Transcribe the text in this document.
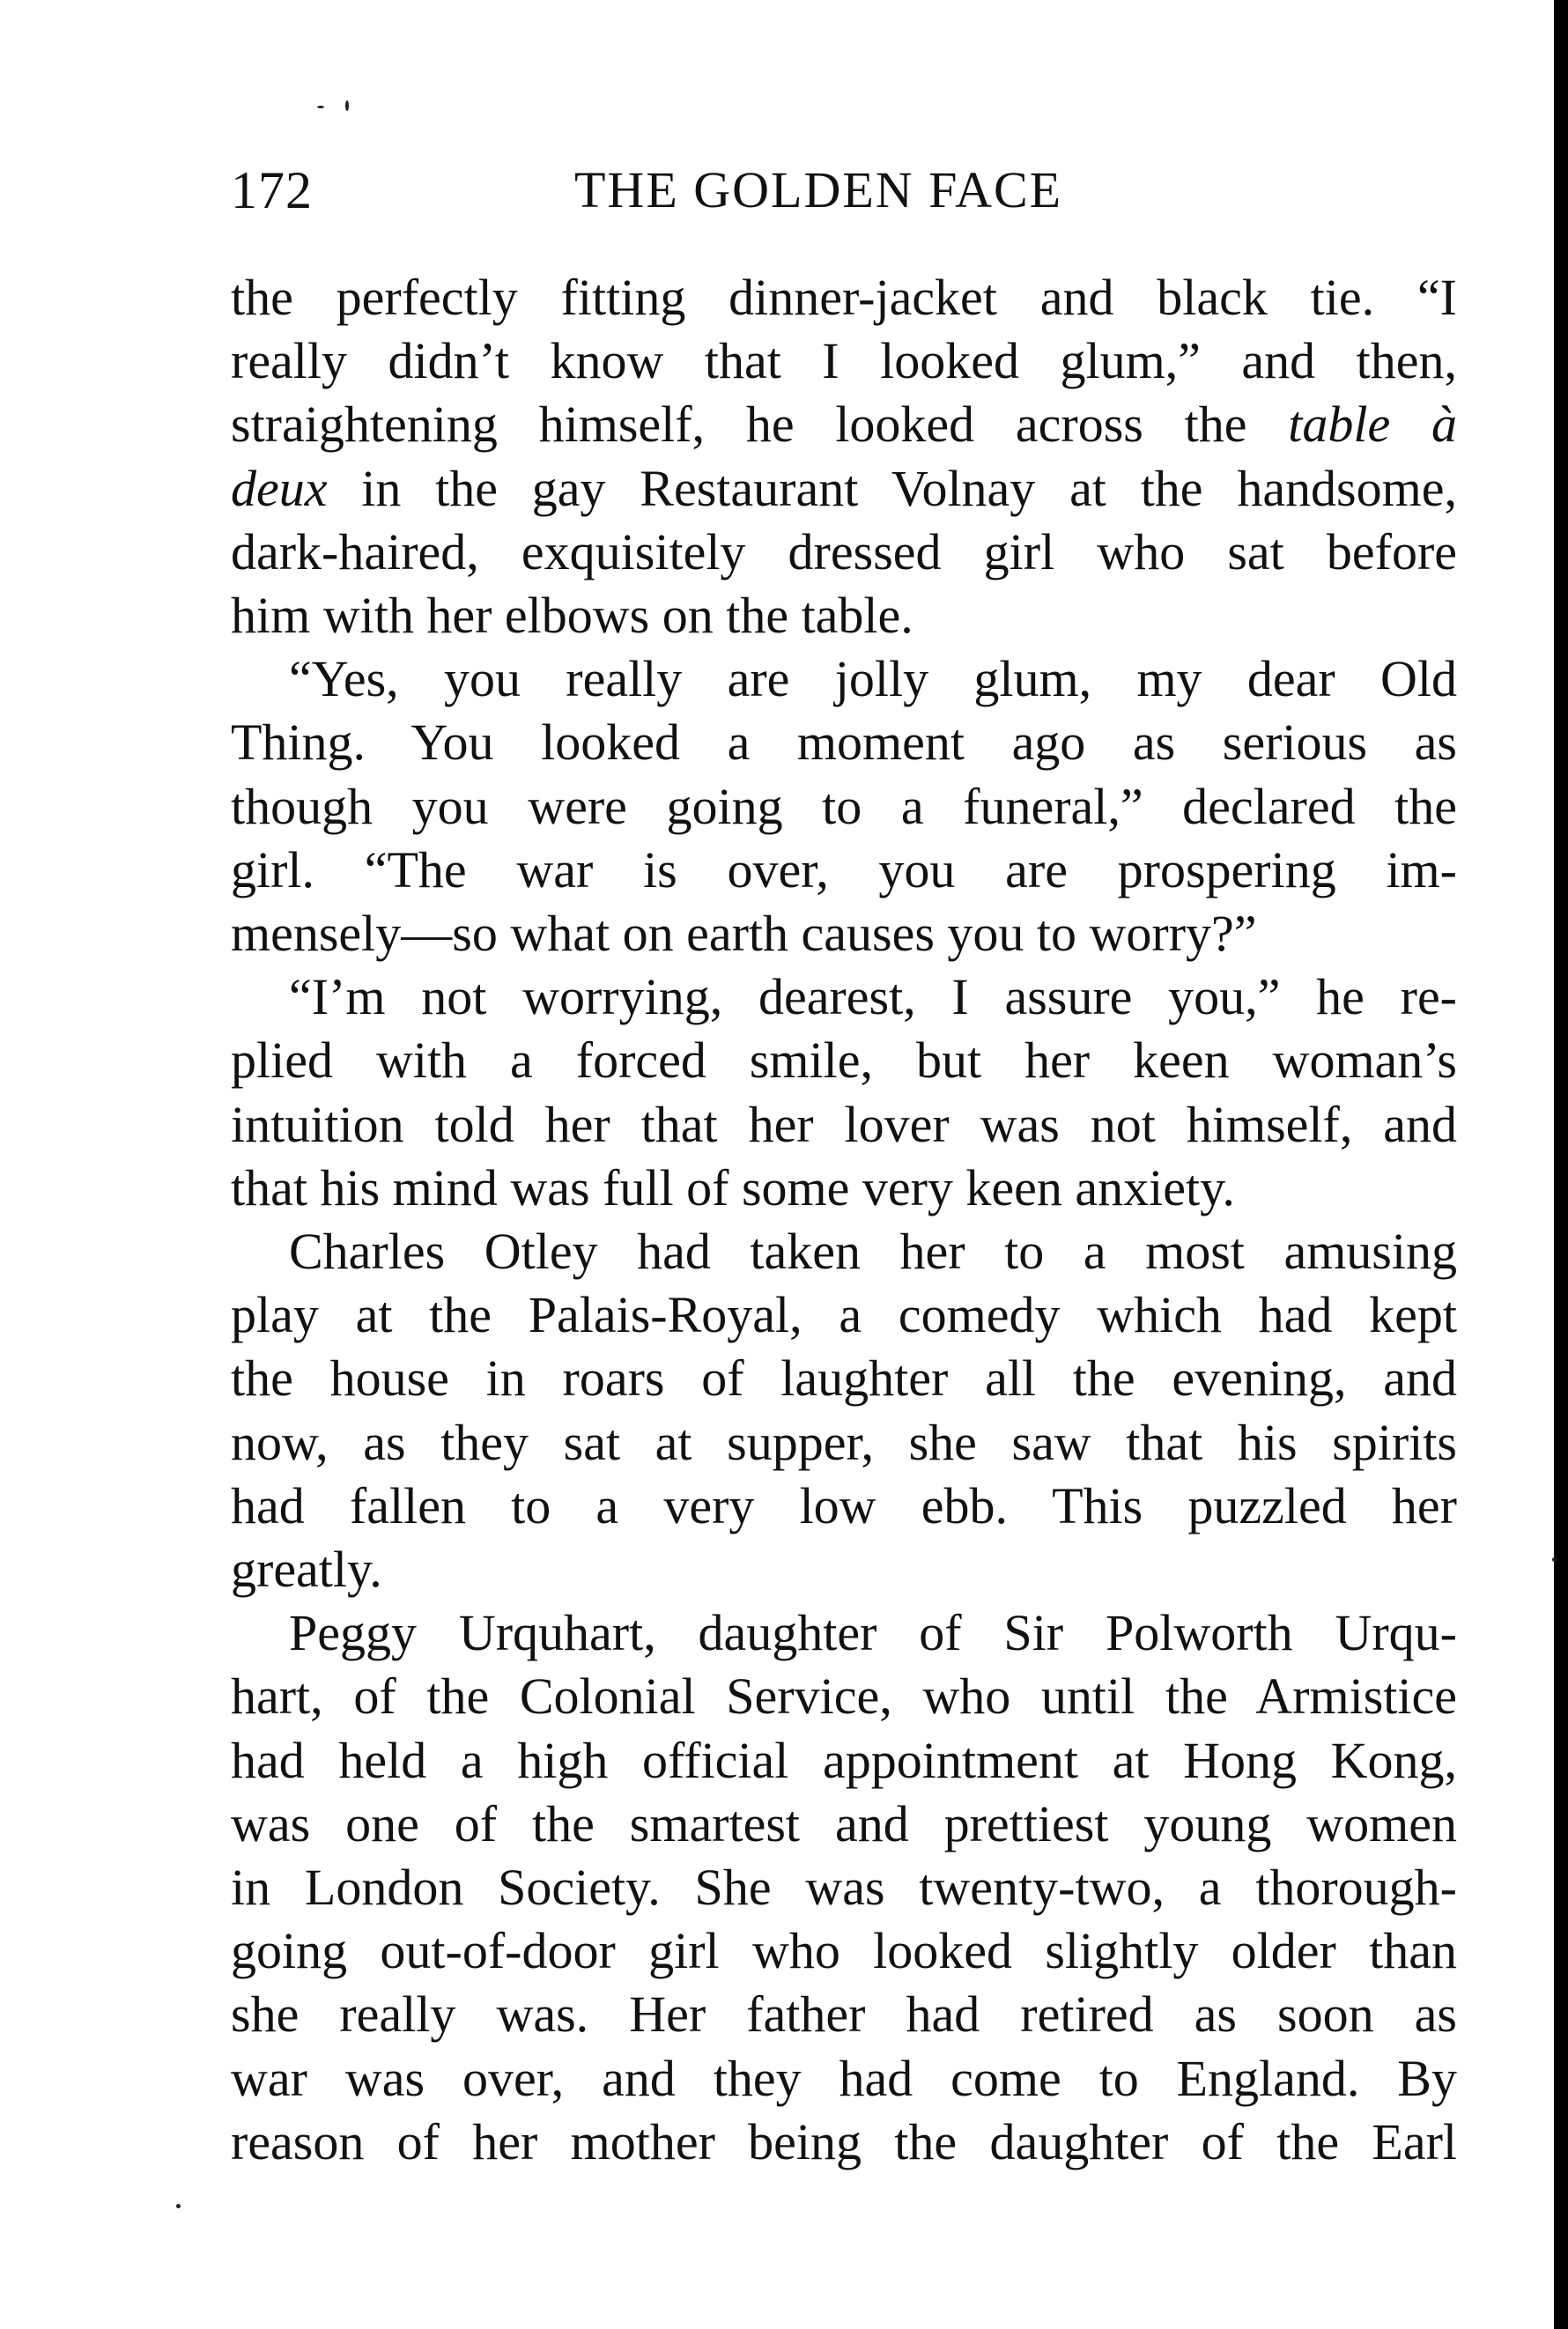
172	THE GOLDEN FACE

the perfectly fitting dinner-jacket and black tie. “I

really didn’t know that I looked glum,” and then,

straightening himself, he looked across the table à

deux in the gay Restaurant Volnay at the handsome,

dark-haired, exquisitely dressed girl who sat before

him with her elbows on the table.

“Yes, you really are jolly glum, my dear Old

Thing. You looked a moment ago as serious as

though you were going to a funeral,” declared the

girl. “The war is over, you are prospering im-

mensely—so what on earth causes you to worry?”

“I’m not worrying, dearest, I assure you,” he re-

plied with a forced smile, but her keen woman’s

intuition told her that her lover was not himself, and

that his mind was full of some very keen anxiety.

Charles Otley had taken her to a most amusing

play at the Palais-Royal, a comedy which had kept

the house in roars of laughter all the evening, and

now, as they sat at supper, she saw that his spirits

had fallen to a very low ebb. This puzzled her

greatly.

Peggy Urquhart, daughter of Sir Polworth Urqu-

hart, of the Colonial Service, who until the Armistice

had held a high official appointment at Hong Kong,

was one of the smartest and prettiest young women

in London Society. She was twenty-two, a thorough-

going out-of-door girl who looked slightly older than

she really was. Her father had retired as soon as

war was over, and they had come to England. By

reason of her mother being the daughter of the Earl
